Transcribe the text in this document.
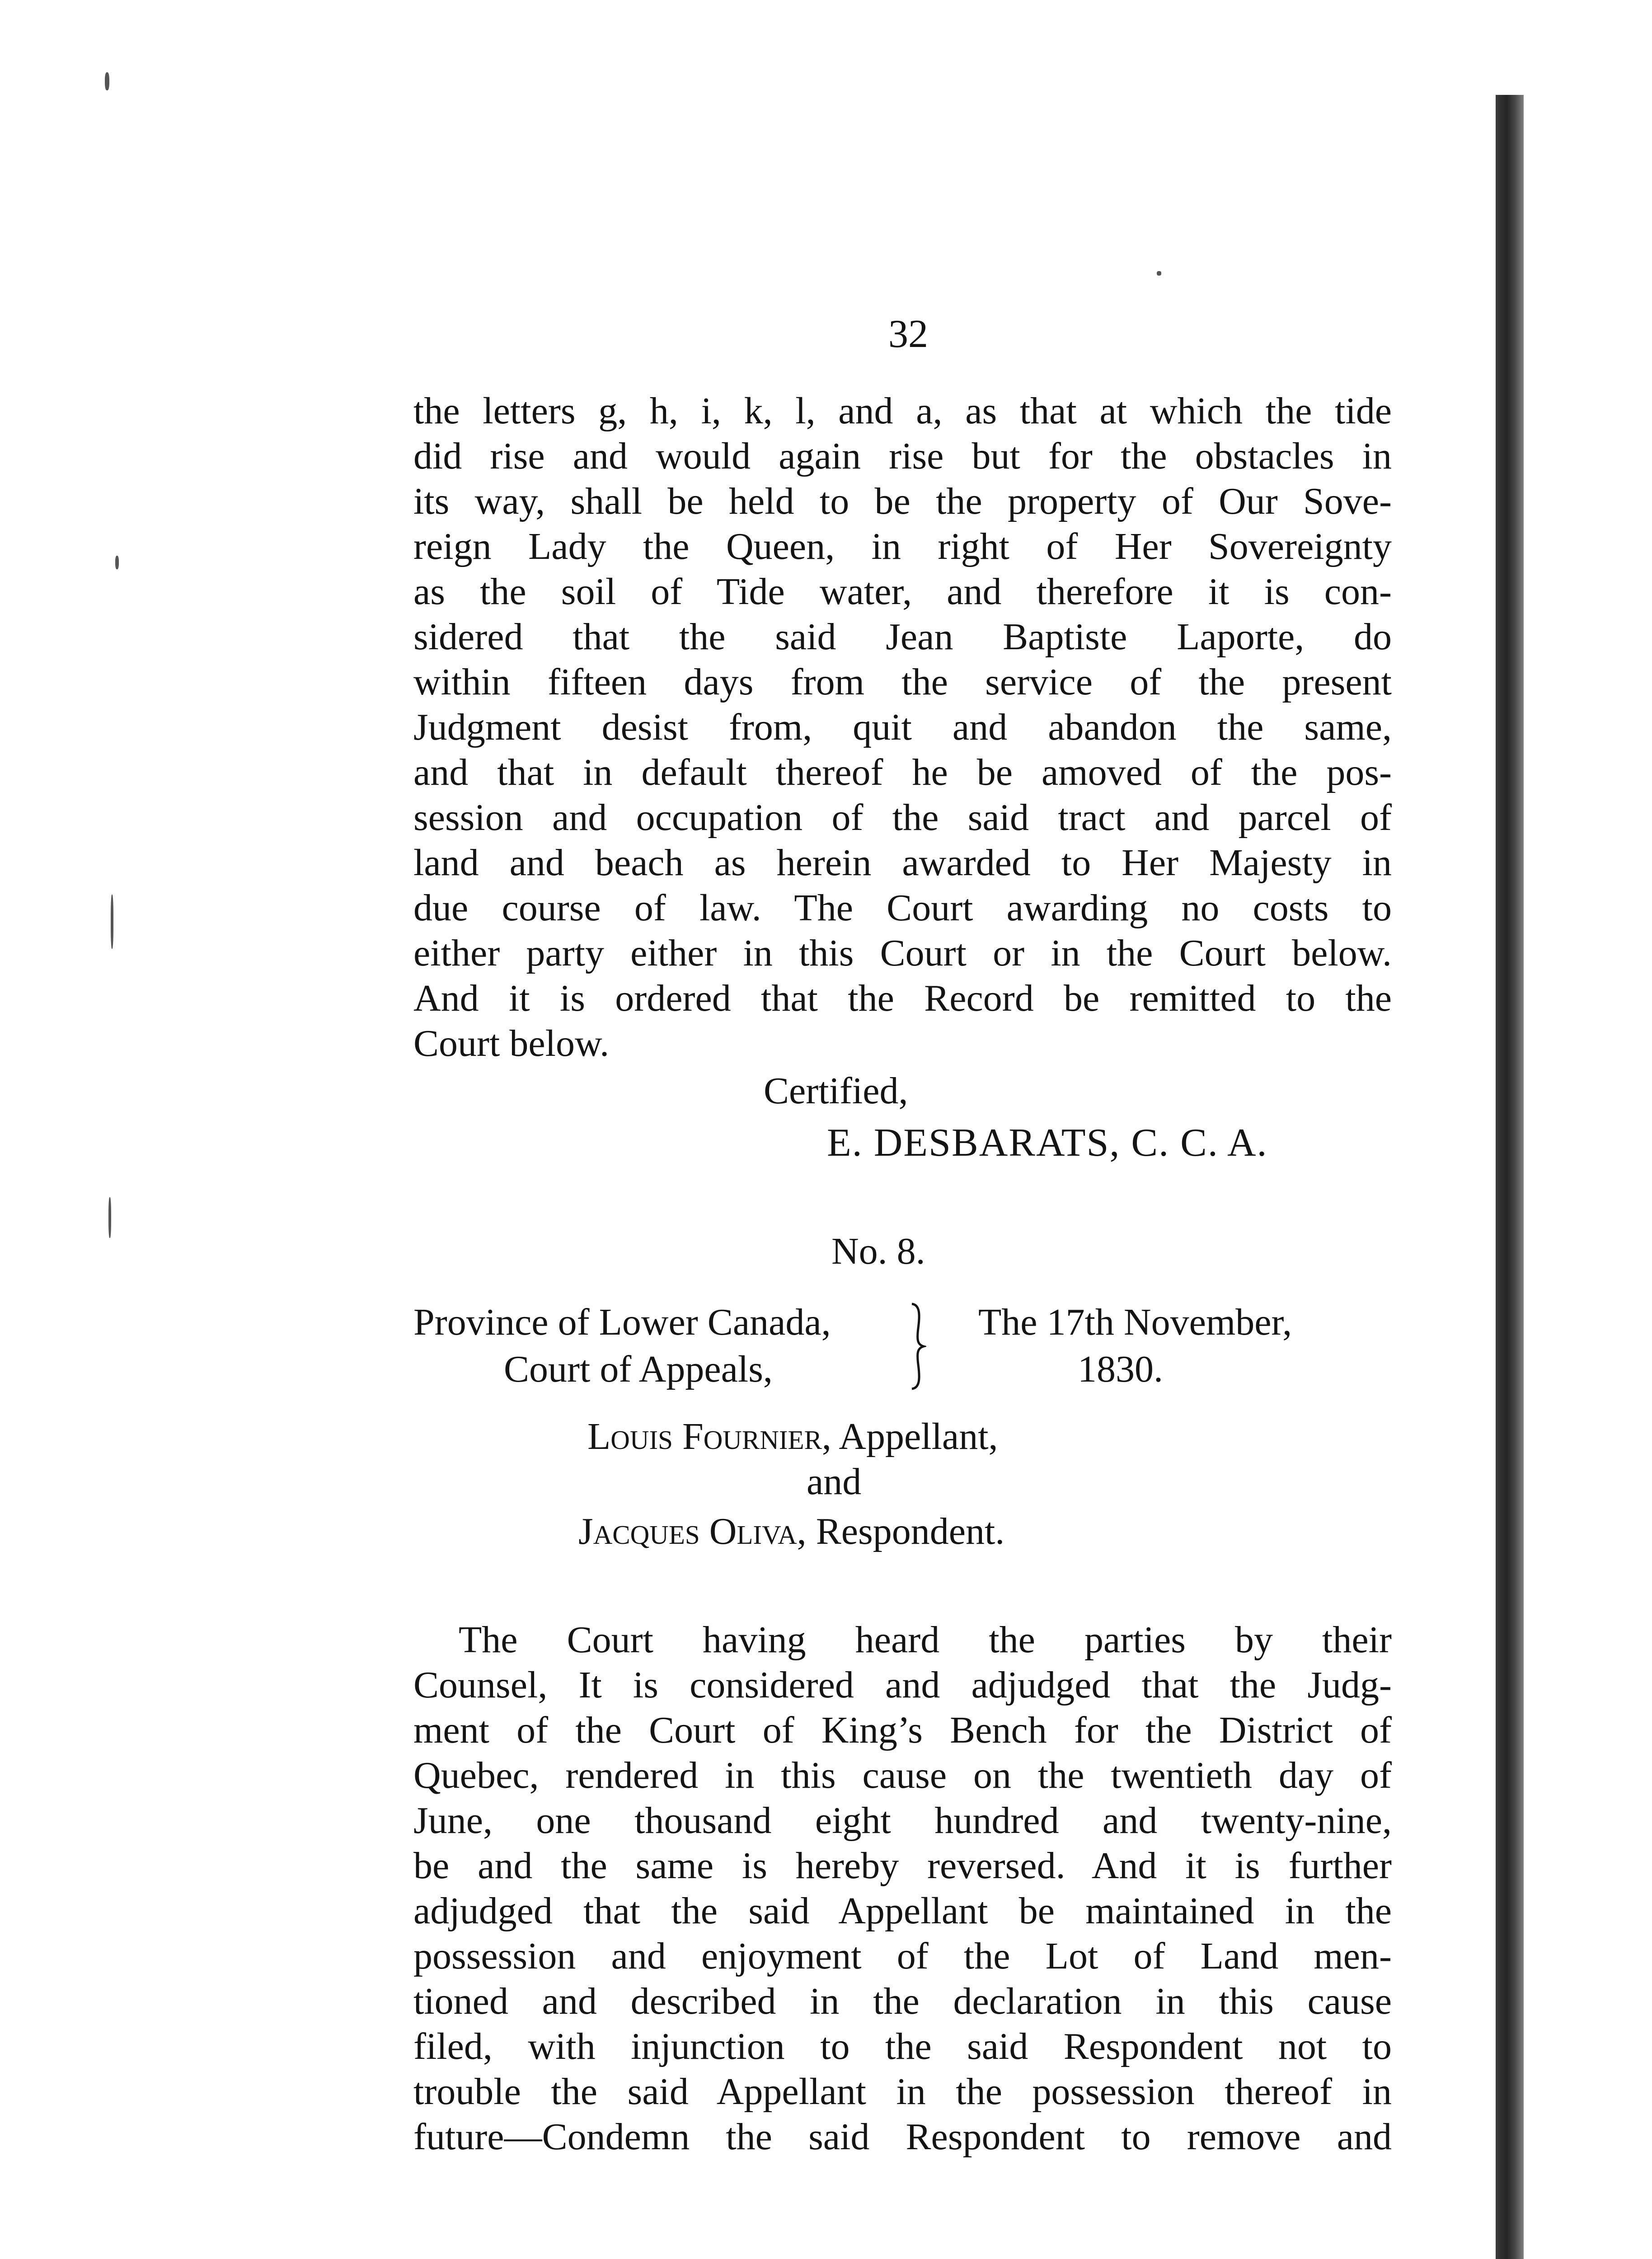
32
the letters g, h, i, k, l, and a, as that at which the tide
did rise and would again rise but for the obstacles in
its way, shall be held to be the property of Our Sove-
reign Lady the Queen, in right of Her Sovereignty
as the soil of Tide water, and therefore it is con-
sidered that the said Jean Baptiste Laporte, do
within fifteen days from the service of the present
Judgment desist from, quit and abandon the same,
and that in default thereof he be amoved of the pos-
session and occupation of the said tract and parcel of
land and beach as herein awarded to Her Majesty in
due course of law. The Court awarding no costs to
either party either in this Court or in the Court below.
And it is ordered that the Record be remitted to the
Court below.
Certified,
E. DESBARATS, C. C. A.
No. 8.
Province of Lower Canada,
Court of Appeals,
The 17th November,
1830.
Louis Fournier, Appellant,
and
Jacques Oliva, Respondent.
The Court having heard the parties by their
Counsel, It is considered and adjudged that the Judg-
ment of the Court of King’s Bench for the District of
Quebec, rendered in this cause on the twentieth day of
June, one thousand eight hundred and twenty-nine,
be and the same is hereby reversed. And it is further
adjudged that the said Appellant be maintained in the
possession and enjoyment of the Lot of Land men-
tioned and described in the declaration in this cause
filed, with injunction to the said Respondent not to
trouble the said Appellant in the possession thereof in
future—Condemn the said Respondent to remove and
